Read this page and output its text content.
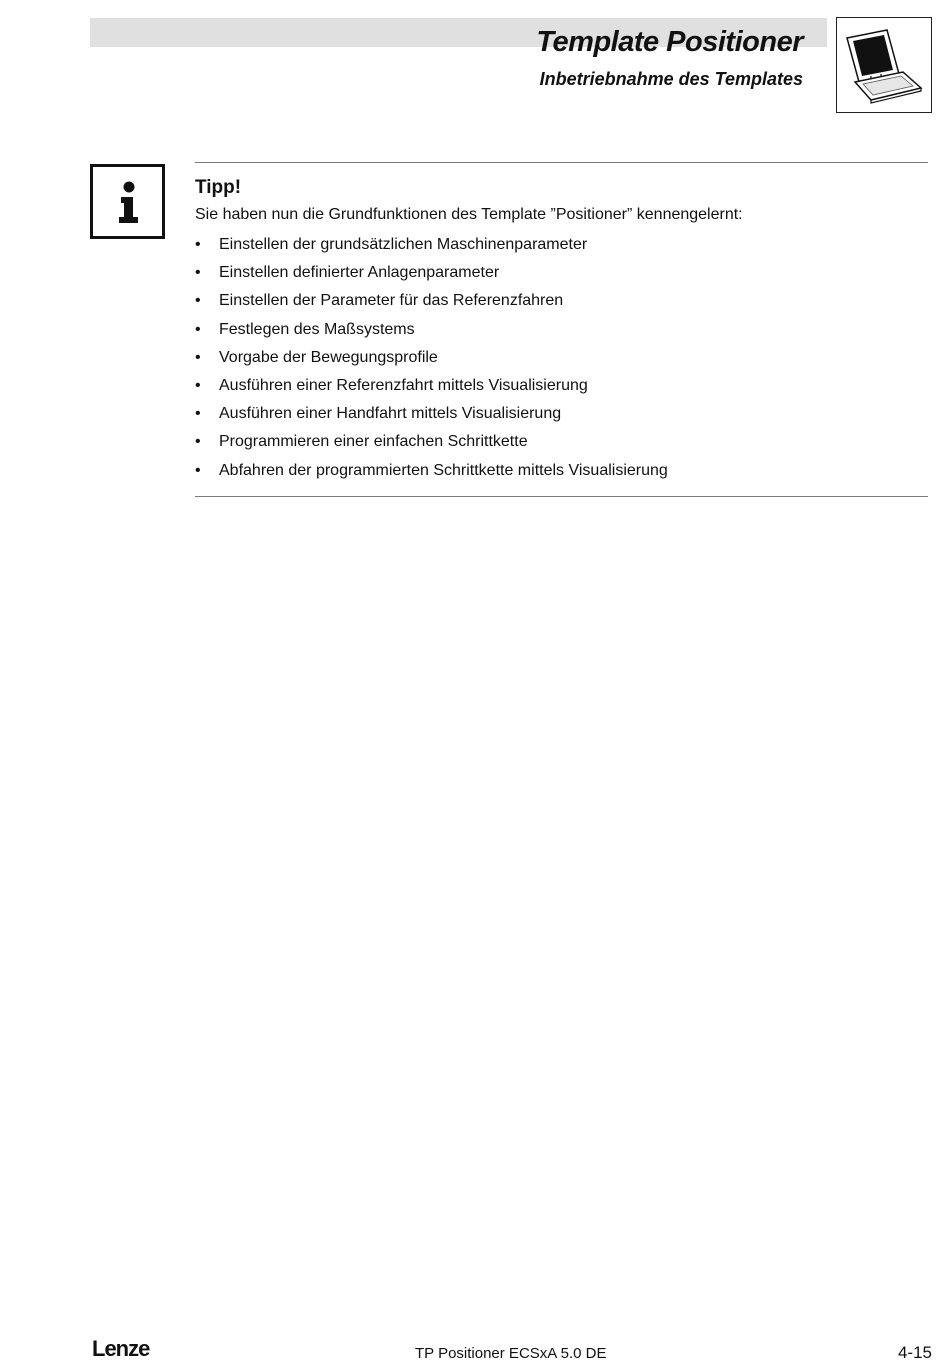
Template Positioner
Inbetriebnahme des Templates
Tipp!
Sie haben nun die Grundfunktionen des Template ”Positioner” kennengelernt:
• Einstellen der grundsätzlichen Maschinenparameter
• Einstellen definierter Anlagenparameter
• Einstellen der Parameter für das Referenzfahren
• Festlegen des Maßsystems
• Vorgabe der Bewegungsprofile
• Ausführen einer Referenzfahrt mittels Visualisierung
• Ausführen einer Handfahrt mittels Visualisierung
• Programmieren einer einfachen Schrittkette
• Abfahren der programmierten Schrittkette mittels Visualisierung
Lenze	TP Positioner ECSxA 5.0 DE	4-15
